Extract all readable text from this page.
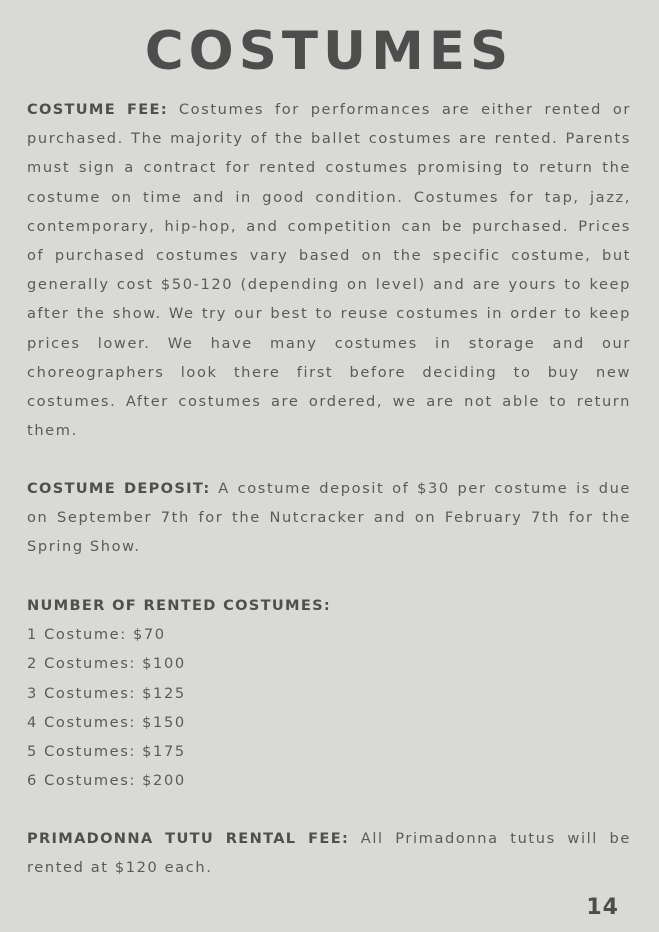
COSTUMES

COSTUME FEE: Costumes for performances are either rented or purchased. The majority of the ballet costumes are rented. Parents must sign a contract for rented costumes promising to return the costume on time and in good condition. Costumes for tap, jazz, contemporary, hip-hop, and competition can be purchased. Prices of purchased costumes vary based on the specific costume, but generally cost $50-120 (depending on level) and are yours to keep after the show. We try our best to reuse costumes in order to keep prices lower. We have many costumes in storage and our choreographers look there first before deciding to buy new costumes. After costumes are ordered, we are not able to return them.

COSTUME DEPOSIT: A costume deposit of $30 per costume is due on September 7th for the Nutcracker and on February 7th for the Spring Show.

NUMBER OF RENTED COSTUMES:
1 Costume: $70
2 Costumes: $100
3 Costumes: $125
4 Costumes: $150
5 Costumes: $175
6 Costumes: $200

PRIMADONNA TUTU RENTAL FEE: All Primadonna tutus will be rented at $120 each.

14
